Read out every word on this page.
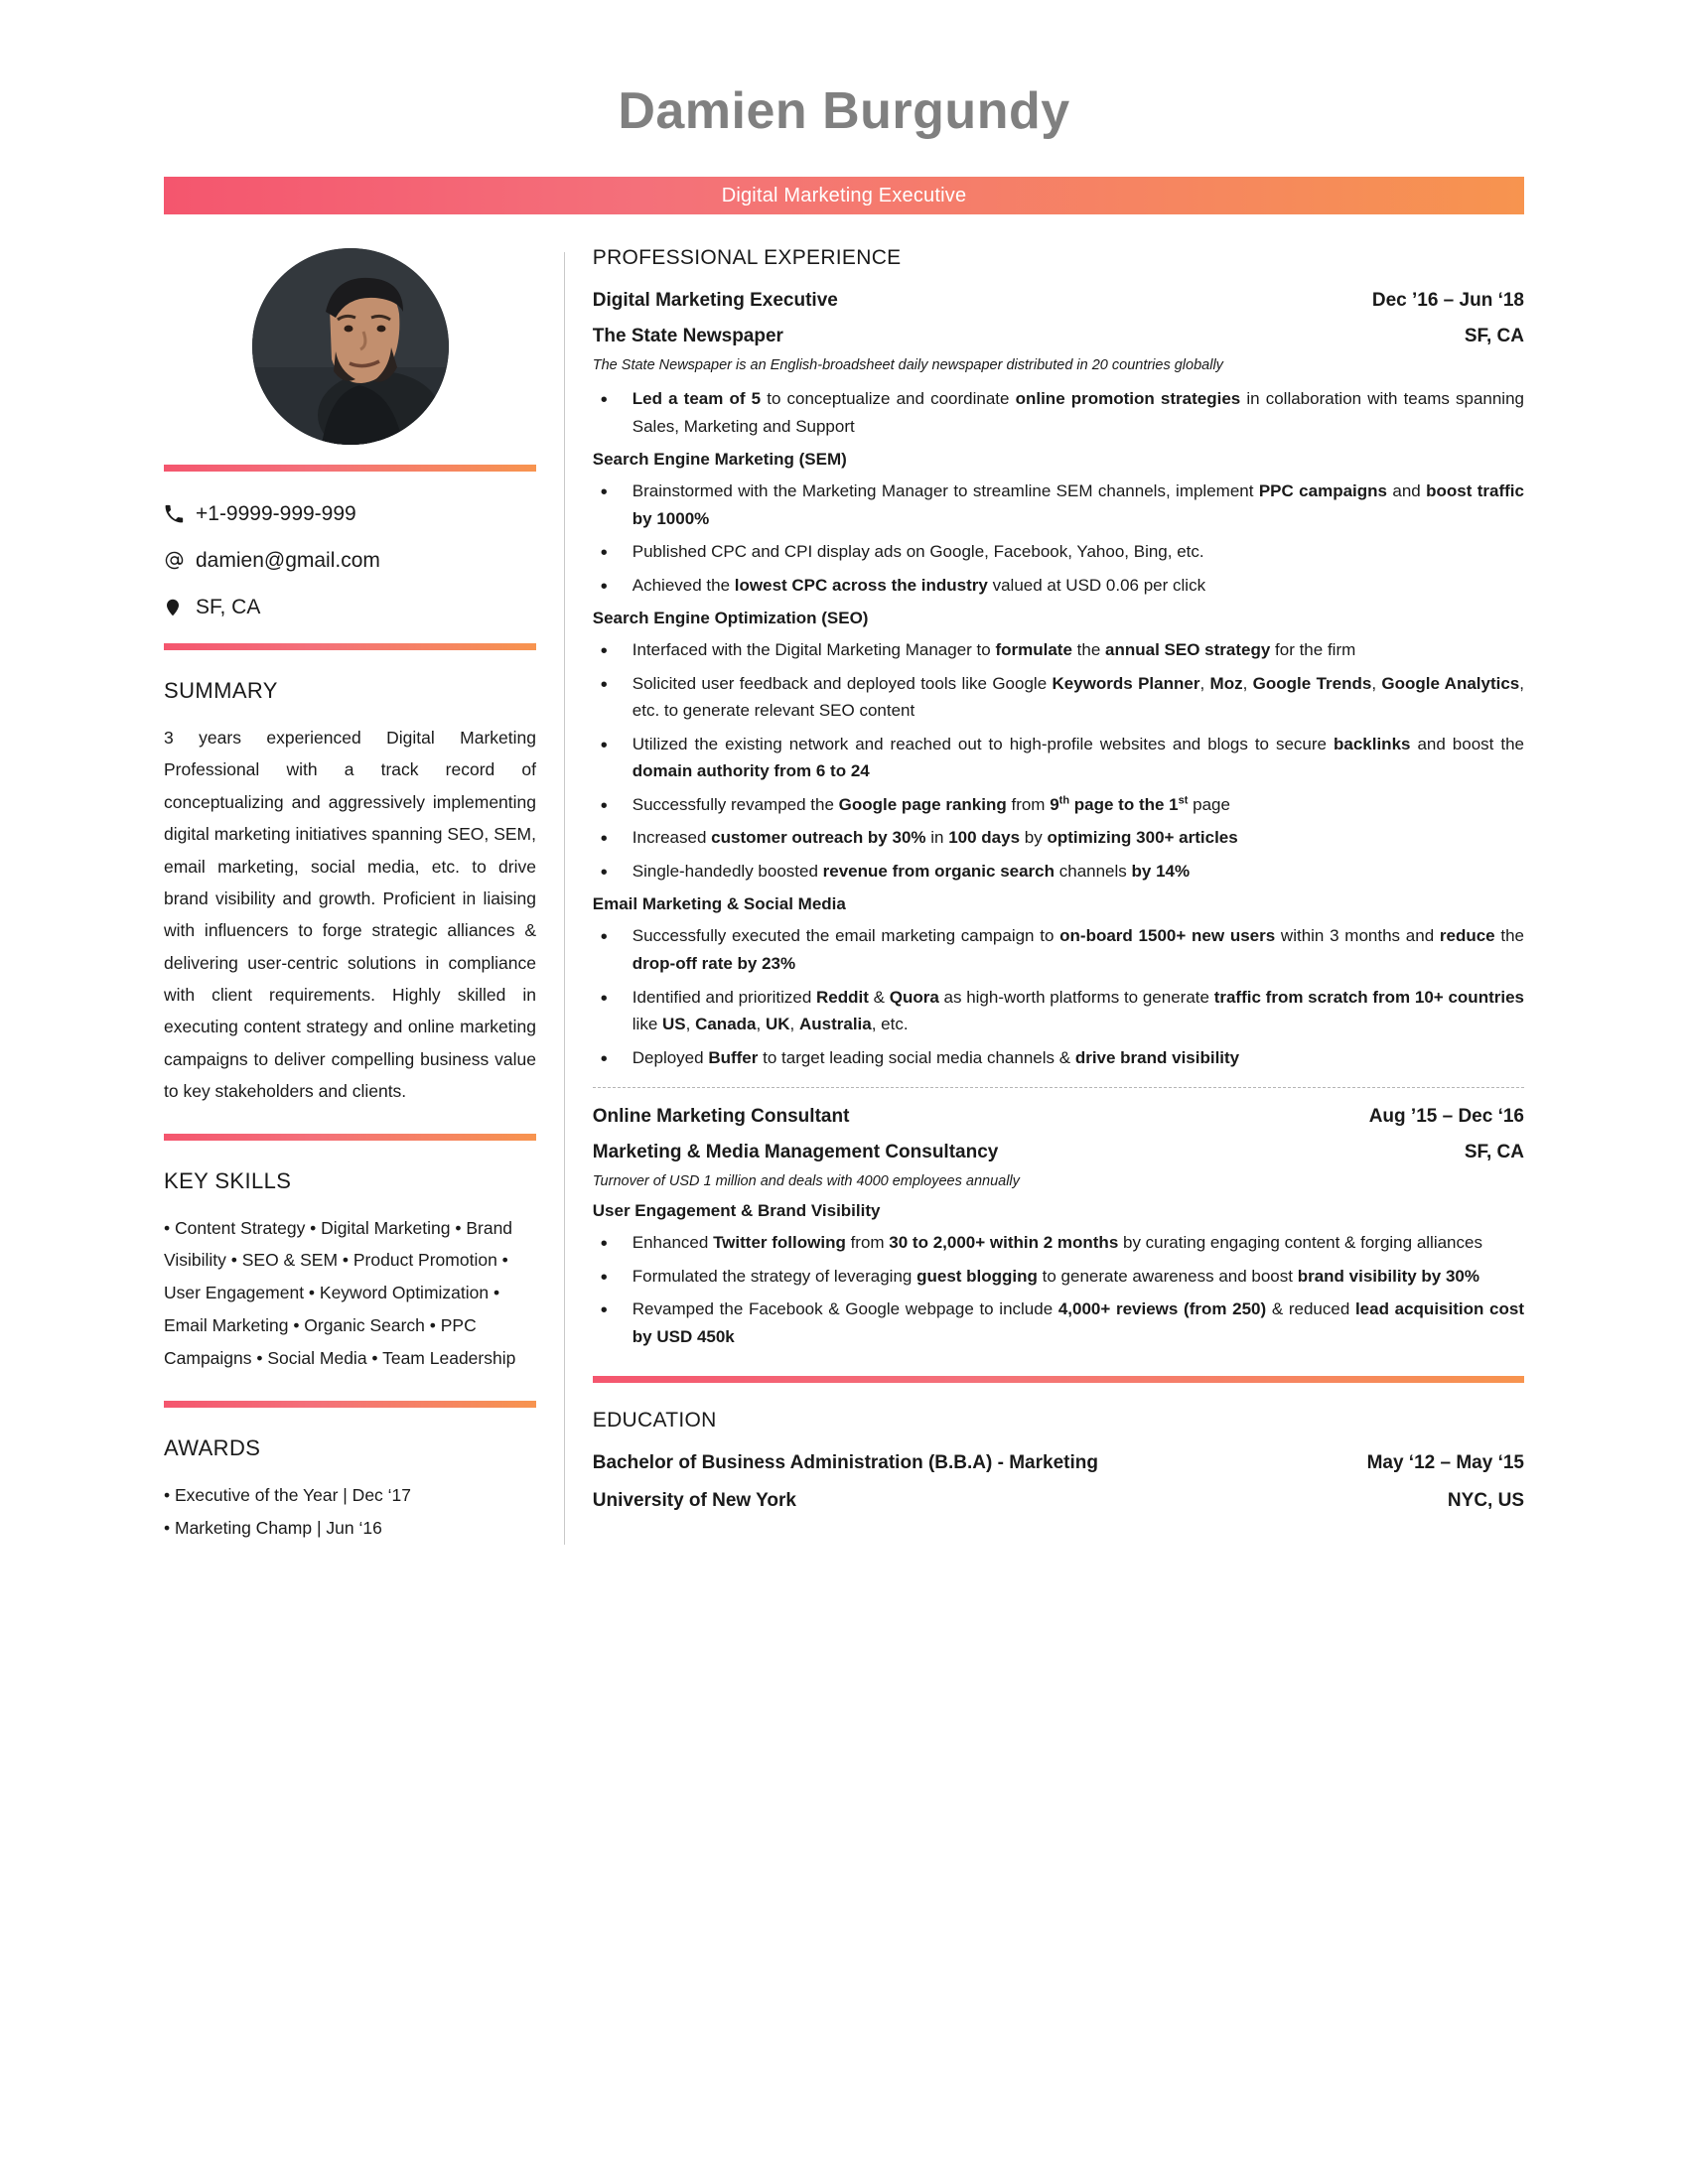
Damien Burgundy
Digital Marketing Executive
+1-9999-999-999
damien@gmail.com
SF, CA
SUMMARY
3 years experienced Digital Marketing Professional with a track record of conceptualizing and aggressively implementing digital marketing initiatives spanning SEO, SEM, email marketing, social media, etc. to drive brand visibility and growth. Proficient in liaising with influencers to forge strategic alliances & delivering user-centric solutions in compliance with client requirements. Highly skilled in executing content strategy and online marketing campaigns to deliver compelling business value to key stakeholders and clients.
KEY SKILLS
• Content Strategy • Digital Marketing • Brand Visibility • SEO & SEM • Product Promotion • User Engagement • Keyword Optimization • Email Marketing • Organic Search • PPC Campaigns • Social Media • Team Leadership
AWARDS
• Executive of the Year | Dec ‘17
• Marketing Champ | Jun ‘16
PROFESSIONAL EXPERIENCE
Digital Marketing Executive	Dec ’16 – Jun ‘18
The State Newspaper	SF, CA
The State Newspaper is an English-broadsheet daily newspaper distributed in 20 countries globally
• Led a team of 5 to conceptualize and coordinate online promotion strategies in collaboration with teams spanning Sales, Marketing and Support
Search Engine Marketing (SEM)
• Brainstormed with the Marketing Manager to streamline SEM channels, implement PPC campaigns and boost traffic by 1000%
• Published CPC and CPI display ads on Google, Facebook, Yahoo, Bing, etc.
• Achieved the lowest CPC across the industry valued at USD 0.06 per click
Search Engine Optimization (SEO)
• Interfaced with the Digital Marketing Manager to formulate the annual SEO strategy for the firm
• Solicited user feedback and deployed tools like Google Keywords Planner, Moz, Google Trends, Google Analytics, etc. to generate relevant SEO content
• Utilized the existing network and reached out to high-profile websites and blogs to secure backlinks and boost the domain authority from 6 to 24
• Successfully revamped the Google page ranking from 9th page to the 1st page
• Increased customer outreach by 30% in 100 days by optimizing 300+ articles
• Single-handedly boosted revenue from organic search channels by 14%
Email Marketing & Social Media
• Successfully executed the email marketing campaign to on-board 1500+ new users within 3 months and reduce the drop-off rate by 23%
• Identified and prioritized Reddit & Quora as high-worth platforms to generate traffic from scratch from 10+ countries like US, Canada, UK, Australia, etc.
• Deployed Buffer to target leading social media channels & drive brand visibility
Online Marketing Consultant	Aug ’15 – Dec ‘16
Marketing & Media Management Consultancy	SF, CA
Turnover of USD 1 million and deals with 4000 employees annually
User Engagement & Brand Visibility
• Enhanced Twitter following from 30 to 2,000+ within 2 months by curating engaging content & forging alliances
• Formulated the strategy of leveraging guest blogging to generate awareness and boost brand visibility by 30%
• Revamped the Facebook & Google webpage to include 4,000+ reviews (from 250) & reduced lead acquisition cost by USD 450k
EDUCATION
Bachelor of Business Administration (B.B.A) - Marketing	May ‘12 – May ‘15
University of New York	NYC, US
